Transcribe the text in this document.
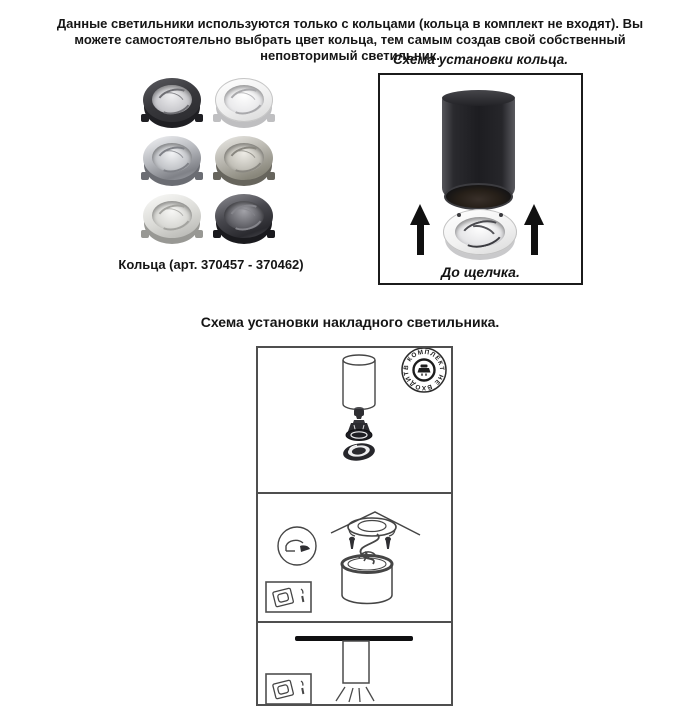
Данные светильники используются только с кольцами (кольца в комплект не входят). Вы можете самостоятельно выбрать цвет кольца, тем самым создав свой собственный неповторимый светильник.

Кольца (арт. 370457 - 370462)
Схема установки кольца.
До щелчка.
Схема установки накладного светильника.
В КОМПЛЕКТ НЕ ВХОДИТ
